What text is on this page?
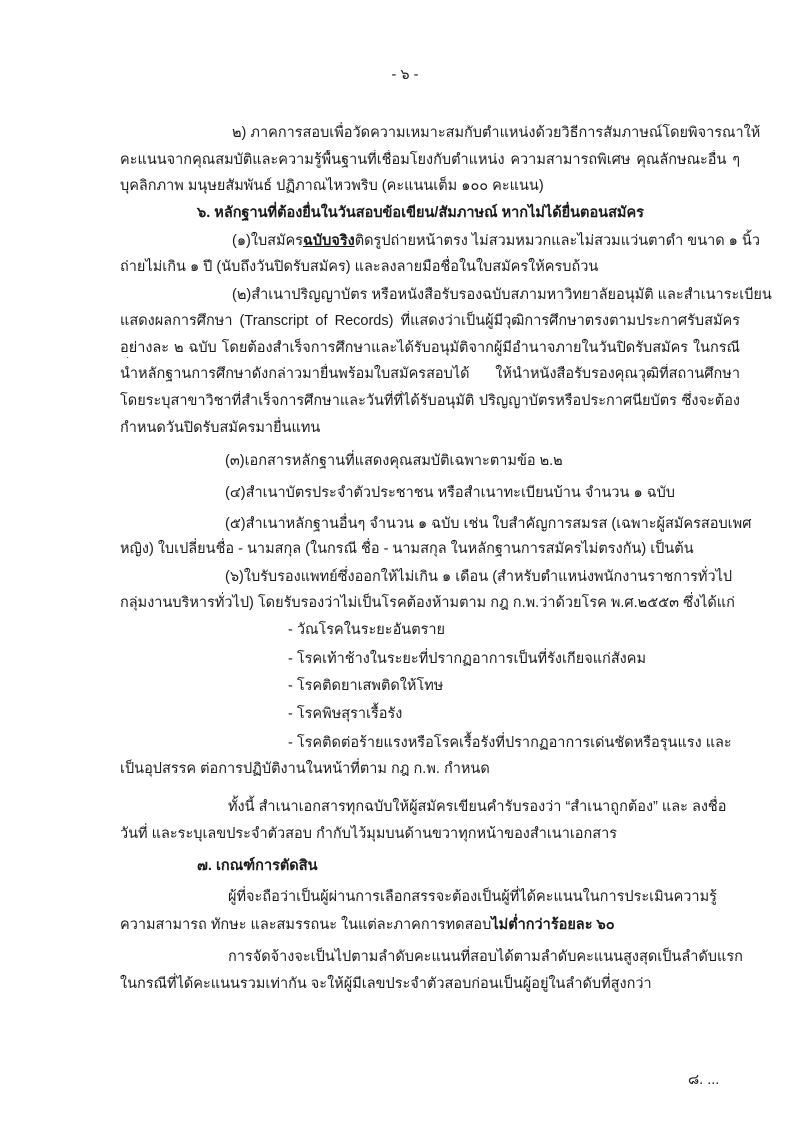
- ๖ -
๒) ภาคการสอบเพื่อวัดความเหมาะสมกับตำแหน่งด้วยวิธีการสัมภาษณ์โดยพิจารณาให้
คะแนนจากคุณสมบัติและความรู้พื้นฐานที่เชื่อมโยงกับตำแหน่ง ความสามารถพิเศษ คุณลักษณะอื่น ๆ
บุคลิกภาพ มนุษยสัมพันธ์ ปฏิภาณไหวพริบ (คะแนนเต็ม ๑๐๐ คะแนน)
๖. หลักฐานที่ต้องยื่นในวันสอบข้อเขียน/สัมภาษณ์ หากไม่ได้ยื่นตอนสมัคร
(๑)ใบสมัครฉบับจริงติดรูปถ่ายหน้าตรง ไม่สวมหมวกและไม่สวมแว่นตาดำ ขนาด ๑ นิ้ว
ถ่ายไม่เกิน ๑ ปี (นับถึงวันปิดรับสมัคร) และลงลายมือชื่อในใบสมัครให้ครบถ้วน
(๒)สำเนาปริญญาบัตร หรือหนังสือรับรองฉบับสภามหาวิทยาลัยอนุมัติ และสำเนาระเบียน
แสดงผลการศึกษา (Transcript of Records) ที่แสดงว่าเป็นผู้มีวุฒิการศึกษาตรงตามประกาศรับสมัคร
อย่างละ ๒ ฉบับ โดยต้องสำเร็จการศึกษาและได้รับอนุมัติจากผู้มีอำนาจภายในวันปิดรับสมัคร ในกรณี
นำหลักฐานการศึกษาดังกล่าวมายื่นพร้อมใบสมัครสอบได้ ให้นำหนังสือรับรองคุณวุฒิที่สถานศึกษา
โดยระบุสาขาวิชาที่สำเร็จการศึกษาและวันที่ที่ได้รับอนุมัติ ปริญญาบัตรหรือประกาศนียบัตร ซึ่งจะต้อง
กำหนดวันปิดรับสมัครมายื่นแทน
(๓)เอกสารหลักฐานที่แสดงคุณสมบัติเฉพาะตามข้อ ๒.๒
(๔)สำเนาบัตรประจำตัวประชาชน หรือสำเนาทะเบียนบ้าน จำนวน ๑ ฉบับ
(๕)สำเนาหลักฐานอื่นๆ จำนวน ๑ ฉบับ เช่น ใบสำคัญการสมรส (เฉพาะผู้สมัครสอบเพศ
หญิง) ใบเปลี่ยนชื่อ - นามสกุล (ในกรณี ชื่อ - นามสกุล ในหลักฐานการสมัครไม่ตรงกัน) เป็นต้น
(๖)ใบรับรองแพทย์ซึ่งออกให้ไม่เกิน ๑ เดือน (สำหรับตำแหน่งพนักงานราชการทั่วไป
กลุ่มงานบริหารทั่วไป) โดยรับรองว่าไม่เป็นโรคต้องห้ามตาม กฎ ก.พ.ว่าด้วยโรค พ.ศ.๒๕๕๓ ซึ่งได้แก่
- วัณโรคในระยะอันตราย
- โรคเท้าช้างในระยะที่ปรากฏอาการเป็นที่รังเกียจแก่สังคม
- โรคติดยาเสพติดให้โทษ
- โรคพิษสุราเรื้อรัง
- โรคติดต่อร้ายแรงหรือโรคเรื้อรังที่ปรากฏอาการเด่นชัดหรือรุนแรง และ
เป็นอุปสรรค ต่อการปฏิบัติงานในหน้าที่ตาม กฎ ก.พ. กำหนด
ทั้งนี้ สำเนาเอกสารทุกฉบับให้ผู้สมัครเขียนคำรับรองว่า “สำเนาถูกต้อง” และ ลงชื่อ
วันที่ และระบุเลขประจำตัวสอบ กำกับไว้มุมบนด้านขวาทุกหน้าของสำเนาเอกสาร
๗. เกณฑ์การตัดสิน
ผู้ที่จะถือว่าเป็นผู้ผ่านการเลือกสรรจะต้องเป็นผู้ที่ได้คะแนนในการประเมินความรู้
ความสามารถ ทักษะ และสมรรถนะ ในแต่ละภาคการทดสอบไม่ต่ำกว่าร้อยละ ๖๐
การจัดจ้างจะเป็นไปตามลำดับคะแนนที่สอบได้ตามลำดับคะแนนสูงสุดเป็นลำดับแรก
ในกรณีที่ได้คะแนนรวมเท่ากัน จะให้ผู้มีเลขประจำตัวสอบก่อนเป็นผู้อยู่ในลำดับที่สูงกว่า
๘. ...
